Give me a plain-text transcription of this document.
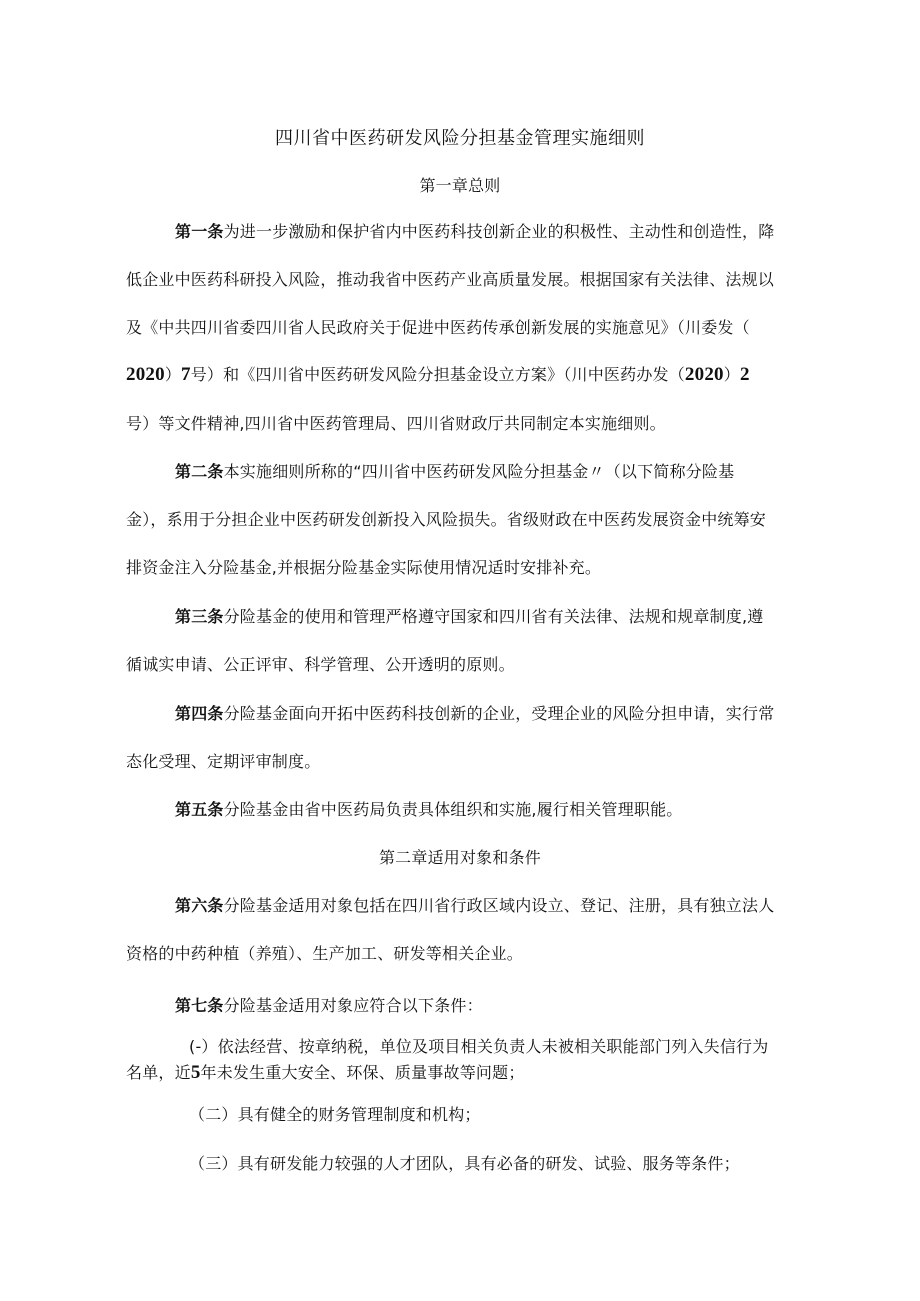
四川省中医药研发风险分担基金管理实施细则
第一章总则
第一条为进一步激励和保护省内中医药科技创新企业的积极性、主动性和创造性，降
低企业中医药科研投入风险，推动我省中医药产业高质量发展。根据国家有关法律、法规以
及《中共四川省委四川省人民政府关于促进中医药传承创新发展的实施意见》（川委发（
2020）7号）和《四川省中医药研发风险分担基金设立方案》（川中医药办发（2020）2
号）等文件精神,四川省中医药管理局、四川省财政厅共同制定本实施细则。
第二条本实施细则所称的“四川省中医药研发风险分担基金〃（以下简称分险基
金），系用于分担企业中医药研发创新投入风险损失。省级财政在中医药发展资金中统筹安
排资金注入分险基金,并根据分险基金实际使用情况适时安排补充。
第三条分险基金的使用和管理严格遵守国家和四川省有关法律、法规和规章制度,遵
循诚实申请、公正评审、科学管理、公开透明的原则。
第四条分险基金面向开拓中医药科技创新的企业，受理企业的风险分担申请，实行常
态化受理、定期评审制度。
第五条分险基金由省中医药局负责具体组织和实施,履行相关管理职能。
第二章适用对象和条件
第六条分险基金适用对象包括在四川省行政区域内设立、登记、注册，具有独立法人
资格的中药种植（养殖）、生产加工、研发等相关企业。
第七条分险基金适用对象应符合以下条件：
(-）依法经营、按章纳税，单位及项目相关负责人未被相关职能部门列入失信行为
名单，近5年未发生重大安全、环保、质量事故等问题；
（二）具有健全的财务管理制度和机构；
（三）具有研发能力较强的人才团队，具有必备的研发、试验、服务等条件；
